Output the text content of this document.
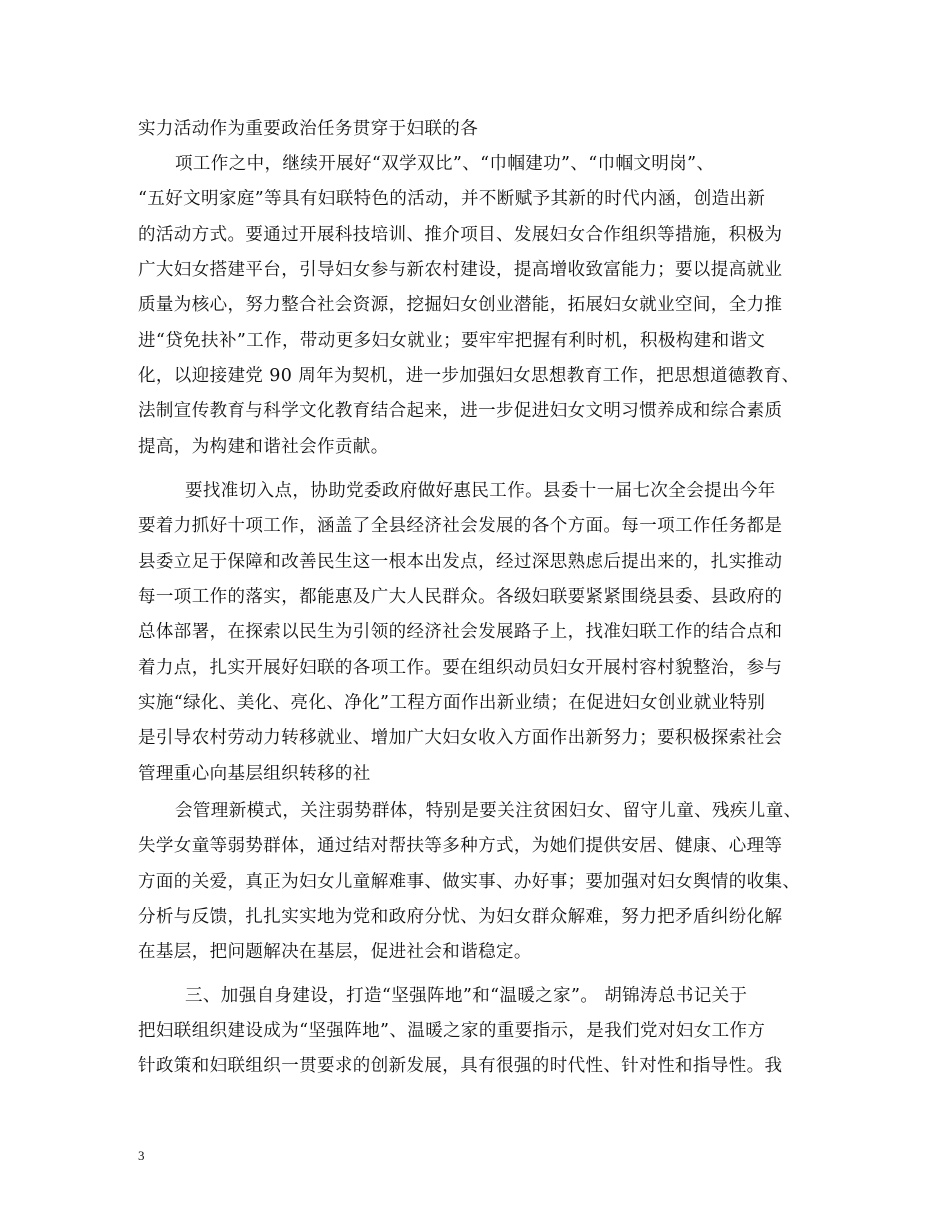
实力活动作为重要政治任务贯穿于妇联的各
项工作之中，继续开展好“双学双比”、“巾帼建功”、“巾帼文明岗”、
“五好文明家庭”等具有妇联特色的活动，并不断赋予其新的时代内涵，创造出新
的活动方式。要通过开展科技培训、推介项目、发展妇女合作组织等措施，积极为
广大妇女搭建平台，引导妇女参与新农村建设，提高增收致富能力；要以提高就业
质量为核心，努力整合社会资源，挖掘妇女创业潜能，拓展妇女就业空间，全力推
进“贷免扶补”工作，带动更多妇女就业；要牢牢把握有利时机，积极构建和谐文
化，以迎接建党 90 周年为契机，进一步加强妇女思想教育工作，把思想道德教育、
法制宣传教育与科学文化教育结合起来，进一步促进妇女文明习惯养成和综合素质
提高，为构建和谐社会作贡献。
要找准切入点，协助党委政府做好惠民工作。县委十一届七次全会提出今年
要着力抓好十项工作，涵盖了全县经济社会发展的各个方面。每一项工作任务都是
县委立足于保障和改善民生这一根本出发点，经过深思熟虑后提出来的，扎实推动
每一项工作的落实，都能惠及广大人民群众。各级妇联要紧紧围绕县委、县政府的
总体部署，在探索以民生为引领的经济社会发展路子上，找准妇联工作的结合点和
着力点，扎实开展好妇联的各项工作。要在组织动员妇女开展村容村貌整治，参与
实施“绿化、美化、亮化、净化”工程方面作出新业绩；在促进妇女创业就业特别
是引导农村劳动力转移就业、增加广大妇女收入方面作出新努力；要积极探索社会
管理重心向基层组织转移的社
会管理新模式，关注弱势群体，特别是要关注贫困妇女、留守儿童、残疾儿童、
失学女童等弱势群体，通过结对帮扶等多种方式，为她们提供安居、健康、心理等
方面的关爱，真正为妇女儿童解难事、做实事、办好事；要加强对妇女舆情的收集、
分析与反馈，扎扎实实地为党和政府分忧、为妇女群众解难，努力把矛盾纠纷化解
在基层，把问题解决在基层，促进社会和谐稳定。
三、加强自身建设，打造“坚强阵地”和“温暖之家”。 胡锦涛总书记关于
把妇联组织建设成为“坚强阵地”、温暖之家的重要指示，是我们党对妇女工作方
针政策和妇联组织一贯要求的创新发展，具有很强的时代性、针对性和指导性。我
3
